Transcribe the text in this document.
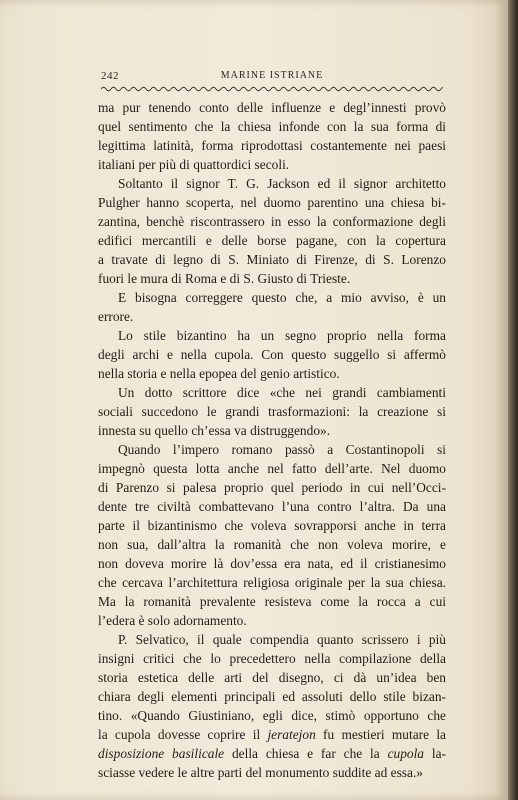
242	MARINE ISTRIANE
ma pur tenendo conto delle influenze e degl’innesti provò
quel sentimento che la chiesa infonde con la sua forma di
legittima latinità, forma riprodottasi costantemente nei paesi
italiani per più di quattordici secoli.
Soltanto il signor T. G. Jackson ed il signor architetto
Pulgher hanno scoperta, nel duomo parentino una chiesa bi-
zantina, benchè riscontrassero in esso la conformazione degli
edifici mercantili e delle borse pagane, con la copertura
a travate di legno di S. Miniato di Firenze, di S. Lorenzo
fuori le mura di Roma e di S. Giusto di Trieste.
E bisogna correggere questo che, a mio avviso, è un
errore.
Lo stile bizantino ha un segno proprio nella forma
degli archi e nella cupola. Con questo suggello si affermò
nella storia e nella epopea del genio artistico.
Un dotto scrittore dice «che nei grandi cambiamenti
sociali succedono le grandi trasformazioni: la creazione si
innesta su quello ch’essa va distruggendo».
Quando l’impero romano passò a Costantinopoli si
impegnò questa lotta anche nel fatto dell’arte. Nel duomo
di Parenzo si palesa proprio quel periodo in cui nell’Occi-
dente tre civiltà combattevano l’una contro l’altra. Da una
parte il bizantinismo che voleva sovrapporsi anche in terra
non sua, dall’altra la romanità che non voleva morire, e
non doveva morire là dov’essa era nata, ed il cristianesimo
che cercava l’architettura religiosa originale per la sua chiesa.
Ma la romanità prevalente resisteva come la rocca a cui
l’edera è solo adornamento.
P. Selvatico, il quale compendia quanto scrissero i più
insigni critici che lo precedettero nella compilazione della
storia estetica delle arti del disegno, ci dà un’idea ben
chiara degli elementi principali ed assoluti dello stile bizan-
tino. «Quando Giustiniano, egli dice, stimò opportuno che
la cupola dovesse coprire il jeratejon fu mestieri mutare la
disposizione basilicale della chiesa e far che la cupola la-
sciasse vedere le altre parti del monumento suddite ad essa.»
